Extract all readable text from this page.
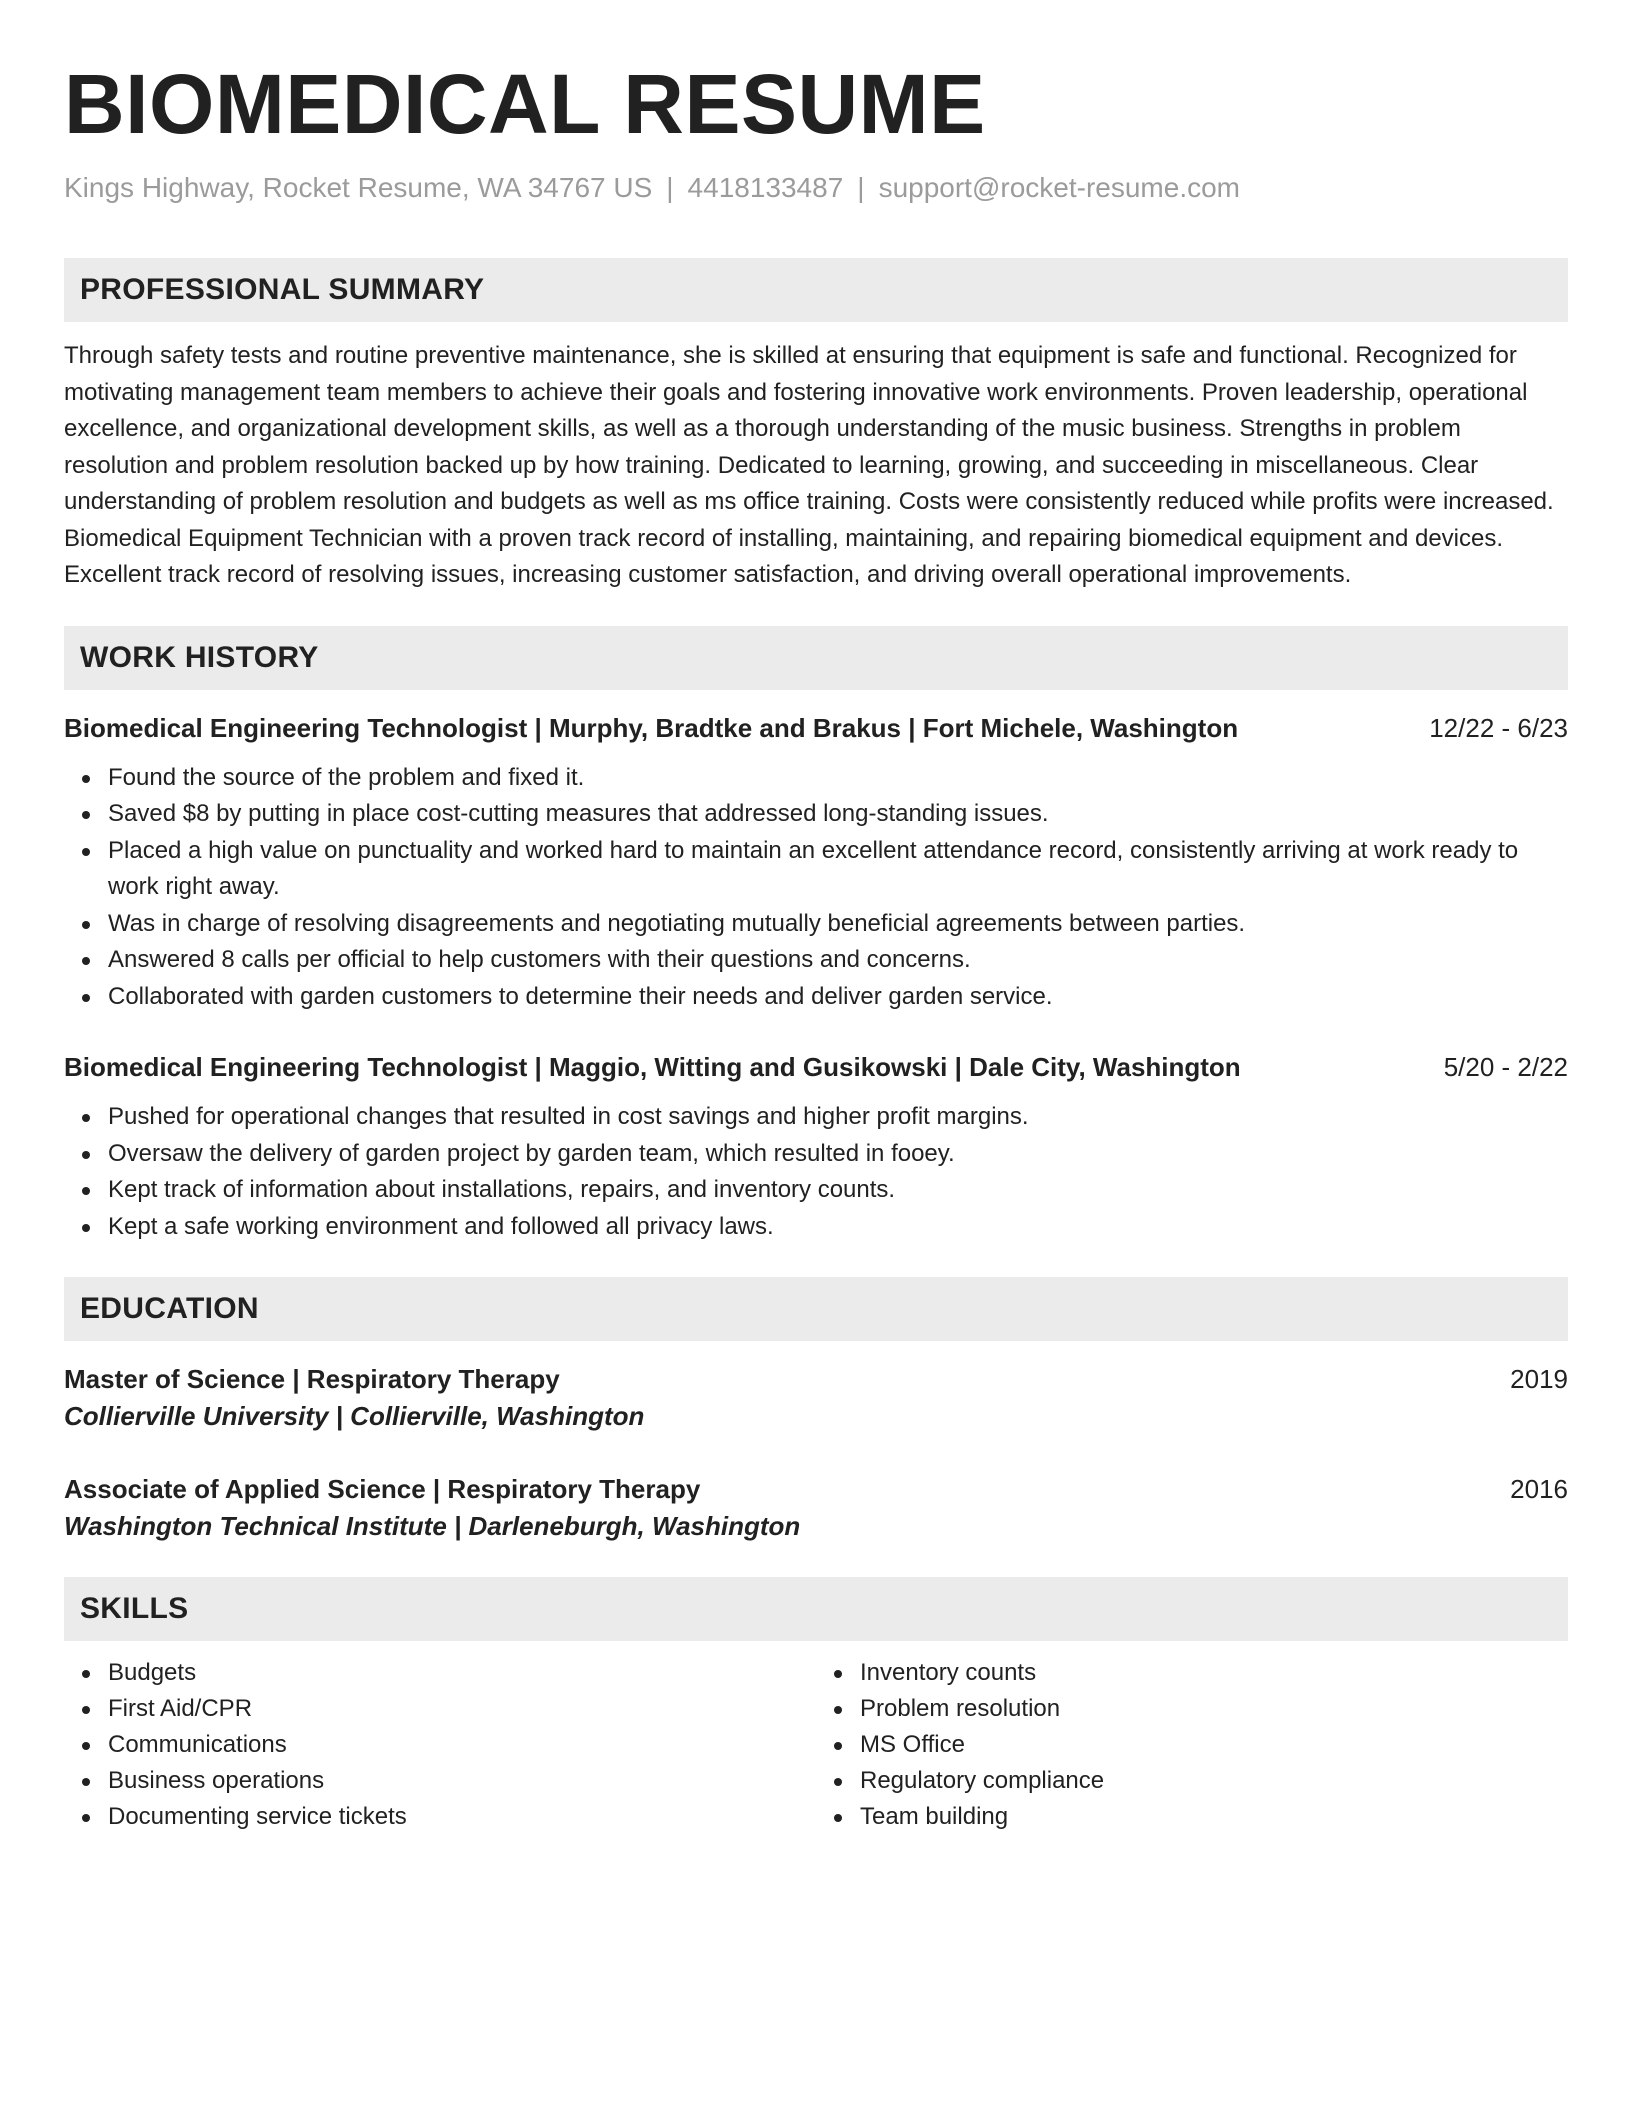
BIOMEDICAL RESUME
Kings Highway, Rocket Resume, WA 34767 US | 4418133487 | support@rocket-resume.com
PROFESSIONAL SUMMARY
Through safety tests and routine preventive maintenance, she is skilled at ensuring that equipment is safe and functional. Recognized for motivating management team members to achieve their goals and fostering innovative work environments. Proven leadership, operational excellence, and organizational development skills, as well as a thorough understanding of the music business. Strengths in problem resolution and problem resolution backed up by how training. Dedicated to learning, growing, and succeeding in miscellaneous. Clear understanding of problem resolution and budgets as well as ms office training. Costs were consistently reduced while profits were increased. Biomedical Equipment Technician with a proven track record of installing, maintaining, and repairing biomedical equipment and devices. Excellent track record of resolving issues, increasing customer satisfaction, and driving overall operational improvements.
WORK HISTORY
Biomedical Engineering Technologist | Murphy, Bradtke and Brakus | Fort Michele, Washington	12/22 - 6/23
Found the source of the problem and fixed it.
Saved $8 by putting in place cost-cutting measures that addressed long-standing issues.
Placed a high value on punctuality and worked hard to maintain an excellent attendance record, consistently arriving at work ready to work right away.
Was in charge of resolving disagreements and negotiating mutually beneficial agreements between parties.
Answered 8 calls per official to help customers with their questions and concerns.
Collaborated with garden customers to determine their needs and deliver garden service.
Biomedical Engineering Technologist | Maggio, Witting and Gusikowski | Dale City, Washington	5/20 - 2/22
Pushed for operational changes that resulted in cost savings and higher profit margins.
Oversaw the delivery of garden project by garden team, which resulted in fooey.
Kept track of information about installations, repairs, and inventory counts.
Kept a safe working environment and followed all privacy laws.
EDUCATION
Master of Science | Respiratory Therapy	2019
Collierville University | Collierville, Washington
Associate of Applied Science | Respiratory Therapy	2016
Washington Technical Institute | Darleneburgh, Washington
SKILLS
Budgets
First Aid/CPR
Communications
Business operations
Documenting service tickets
Inventory counts
Problem resolution
MS Office
Regulatory compliance
Team building
